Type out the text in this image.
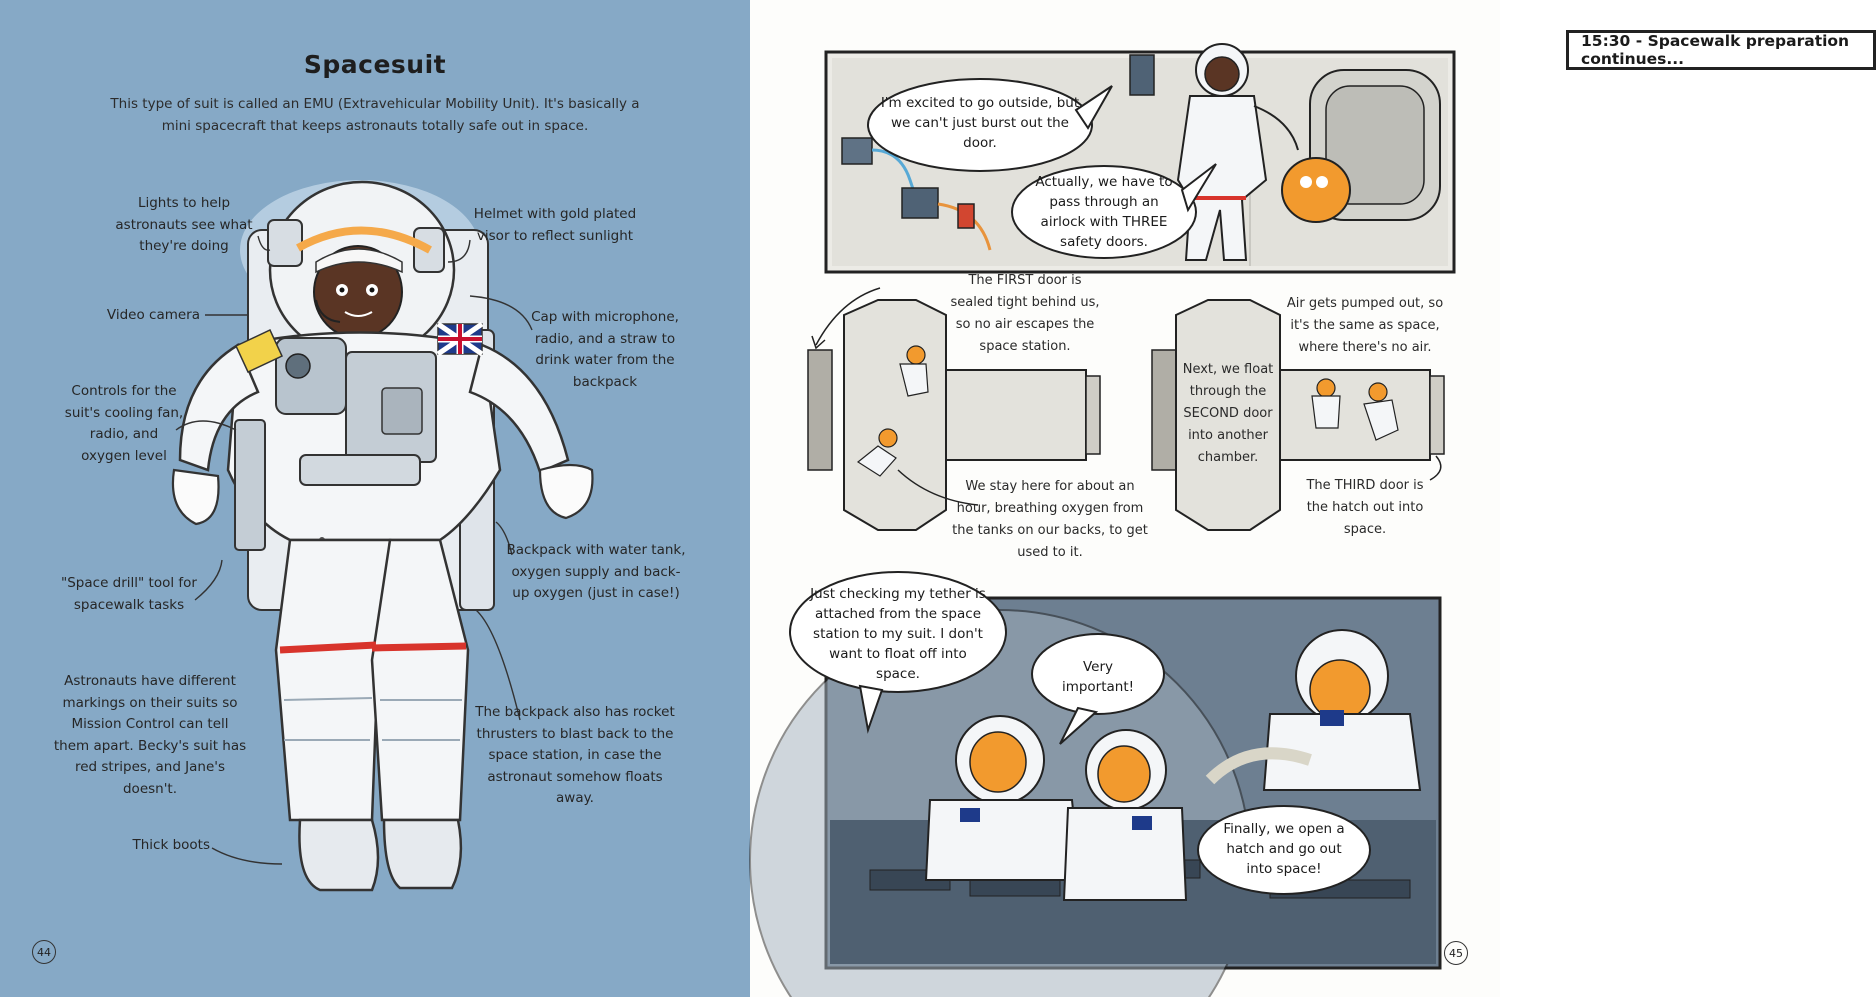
Spacesuit
This type of suit is called an EMU (Extravehicular Mobility Unit). It's basically a mini spacecraft that keeps astronauts totally safe out in space.
Lights to help astronauts see what they're doing
Helmet with gold plated visor to reflect sunlight
Video camera	Cap with microphone, radio, and a straw to drink water from the backpack
Controls for the suit's cooling fan, radio, and oxygen level
Backpack with water tank, oxygen supply and back-up oxygen (just in case!)
"Space drill" tool for spacewalk tasks
Astronauts have different markings on their suits so Mission Control can tell them apart. Becky's suit has red stripes, and Jane's doesn't.
The backpack also has rocket thrusters to blast back to the space station, in case the astronaut somehow floats away.
Thick boots
44
15:30 - Spacewalk preparation continues...
I'm excited to go outside, but we can't just burst out the door.
Actually, we have to pass through an airlock with THREE safety doors.
The FIRST door is sealed tight behind us, so no air escapes the space station.
We stay here for about an hour, breathing oxygen from the tanks on our backs, to get used to it.
Air gets pumped out, so it's the same as space, where there's no air.
Next, we float through the SECOND door into another chamber.
The THIRD door is the hatch out into space.
Just checking my tether is attached from the space station to my suit. I don't want to float off into space.	Very important!
Finally, we open a hatch and go out into space!
45
